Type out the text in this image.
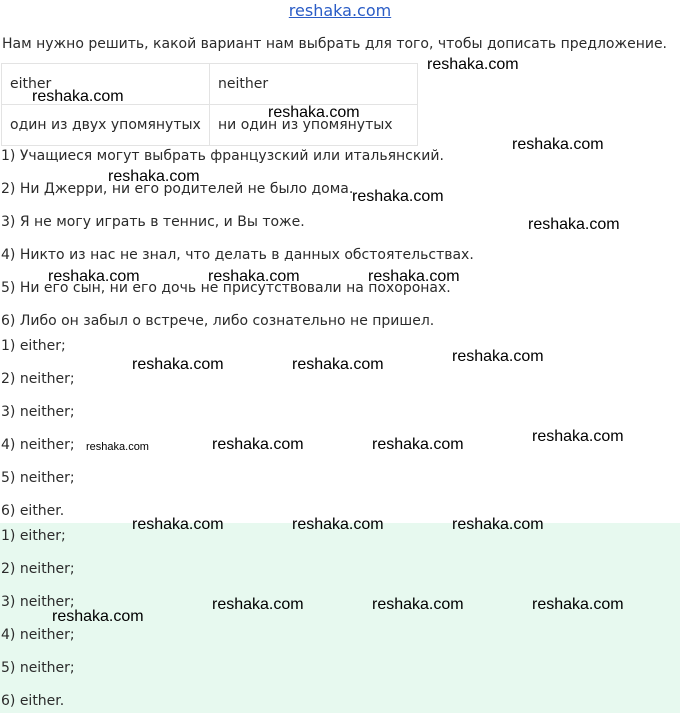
reshaka.com
Нам нужно решить, какой вариант нам выбрать для того, чтобы дописать предложение.
either	neither
один из двух упомянутых	ни один из упомянутых
1) Учащиеся могут выбрать французский или итальянский.
2) Ни Джерри, ни его родителей не было дома.
3) Я не могу играть в теннис, и Вы тоже.
4) Никто из нас не знал, что делать в данных обстоятельствах.
5) Ни его сын, ни его дочь не присутствовали на похоронах.
6) Либо он забыл о встрече, либо сознательно не пришел.
1) either;
2) neither;
3) neither;
4) neither;
5) neither;
6) either.
1) either;
2) neither;
3) neither;
4) neither;
5) neither;
6) either.
reshaka.com
reshaka.com
reshaka.com
reshaka.com
reshaka.com
reshaka.com
reshaka.com
reshaka.com	reshaka.com	reshaka.com
reshaka.com
reshaka.com	reshaka.com
reshaka.com
reshaka.com	reshaka.com	reshaka.com
reshaka.com	reshaka.com	reshaka.com
reshaka.com	reshaka.com	reshaka.com
reshaka.com
